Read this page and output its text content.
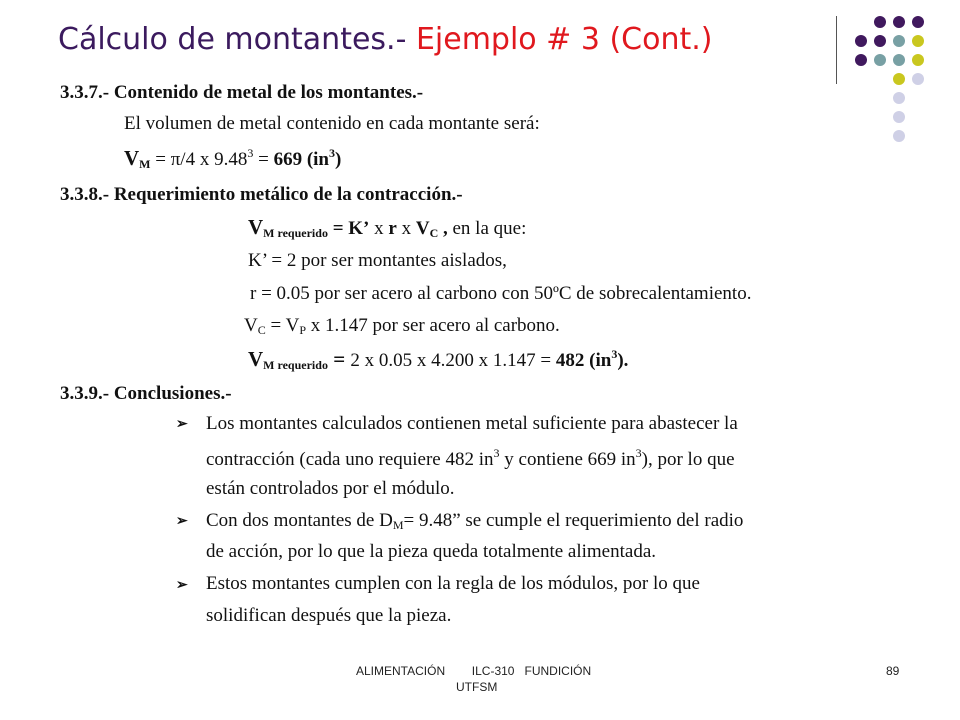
Cálculo de montantes.- Ejemplo # 3 (Cont.)
3.3.7.- Contenido de metal de los montantes.-
El volumen de metal contenido en cada montante será:
$V_M = \pi/4$ x $9.48^3 = 669$ $(in^3)$
3.3.8.- Requerimiento metálico de la contracción.-
$V_{M requerido} = K$’ x r x $V_C$ , en la que:
K’ = 2 por ser montantes aislados,
r = 0.05 por ser acero al carbono con 50ºC de sobrecalentamiento.
$V_C = V_P$ x 1.147 por ser acero al carbono.
$V_{M requerido} = 2$ x 0.05 x 4.200 x 1.147 = 482 $(in^3)$.
3.3.9.- Conclusiones.-
➢ Los montantes calculados contienen metal suficiente para abastecer la
contracción (cada uno requiere 482 $in^3$ y contiene 669 $in^3$), por lo que
están controlados por el módulo.
➢ Con dos montantes de $D_M= 9.48$” se cumple el requerimiento del radio
de acción, por lo que la pieza queda totalmente alimentada.
➢ Estos montantes cumplen con la regla de los módulos, por lo que
solidifican después que la pieza.
ALIMENTACIÓN        ILC-310   FUNDICIÓN
UTFSM
89
